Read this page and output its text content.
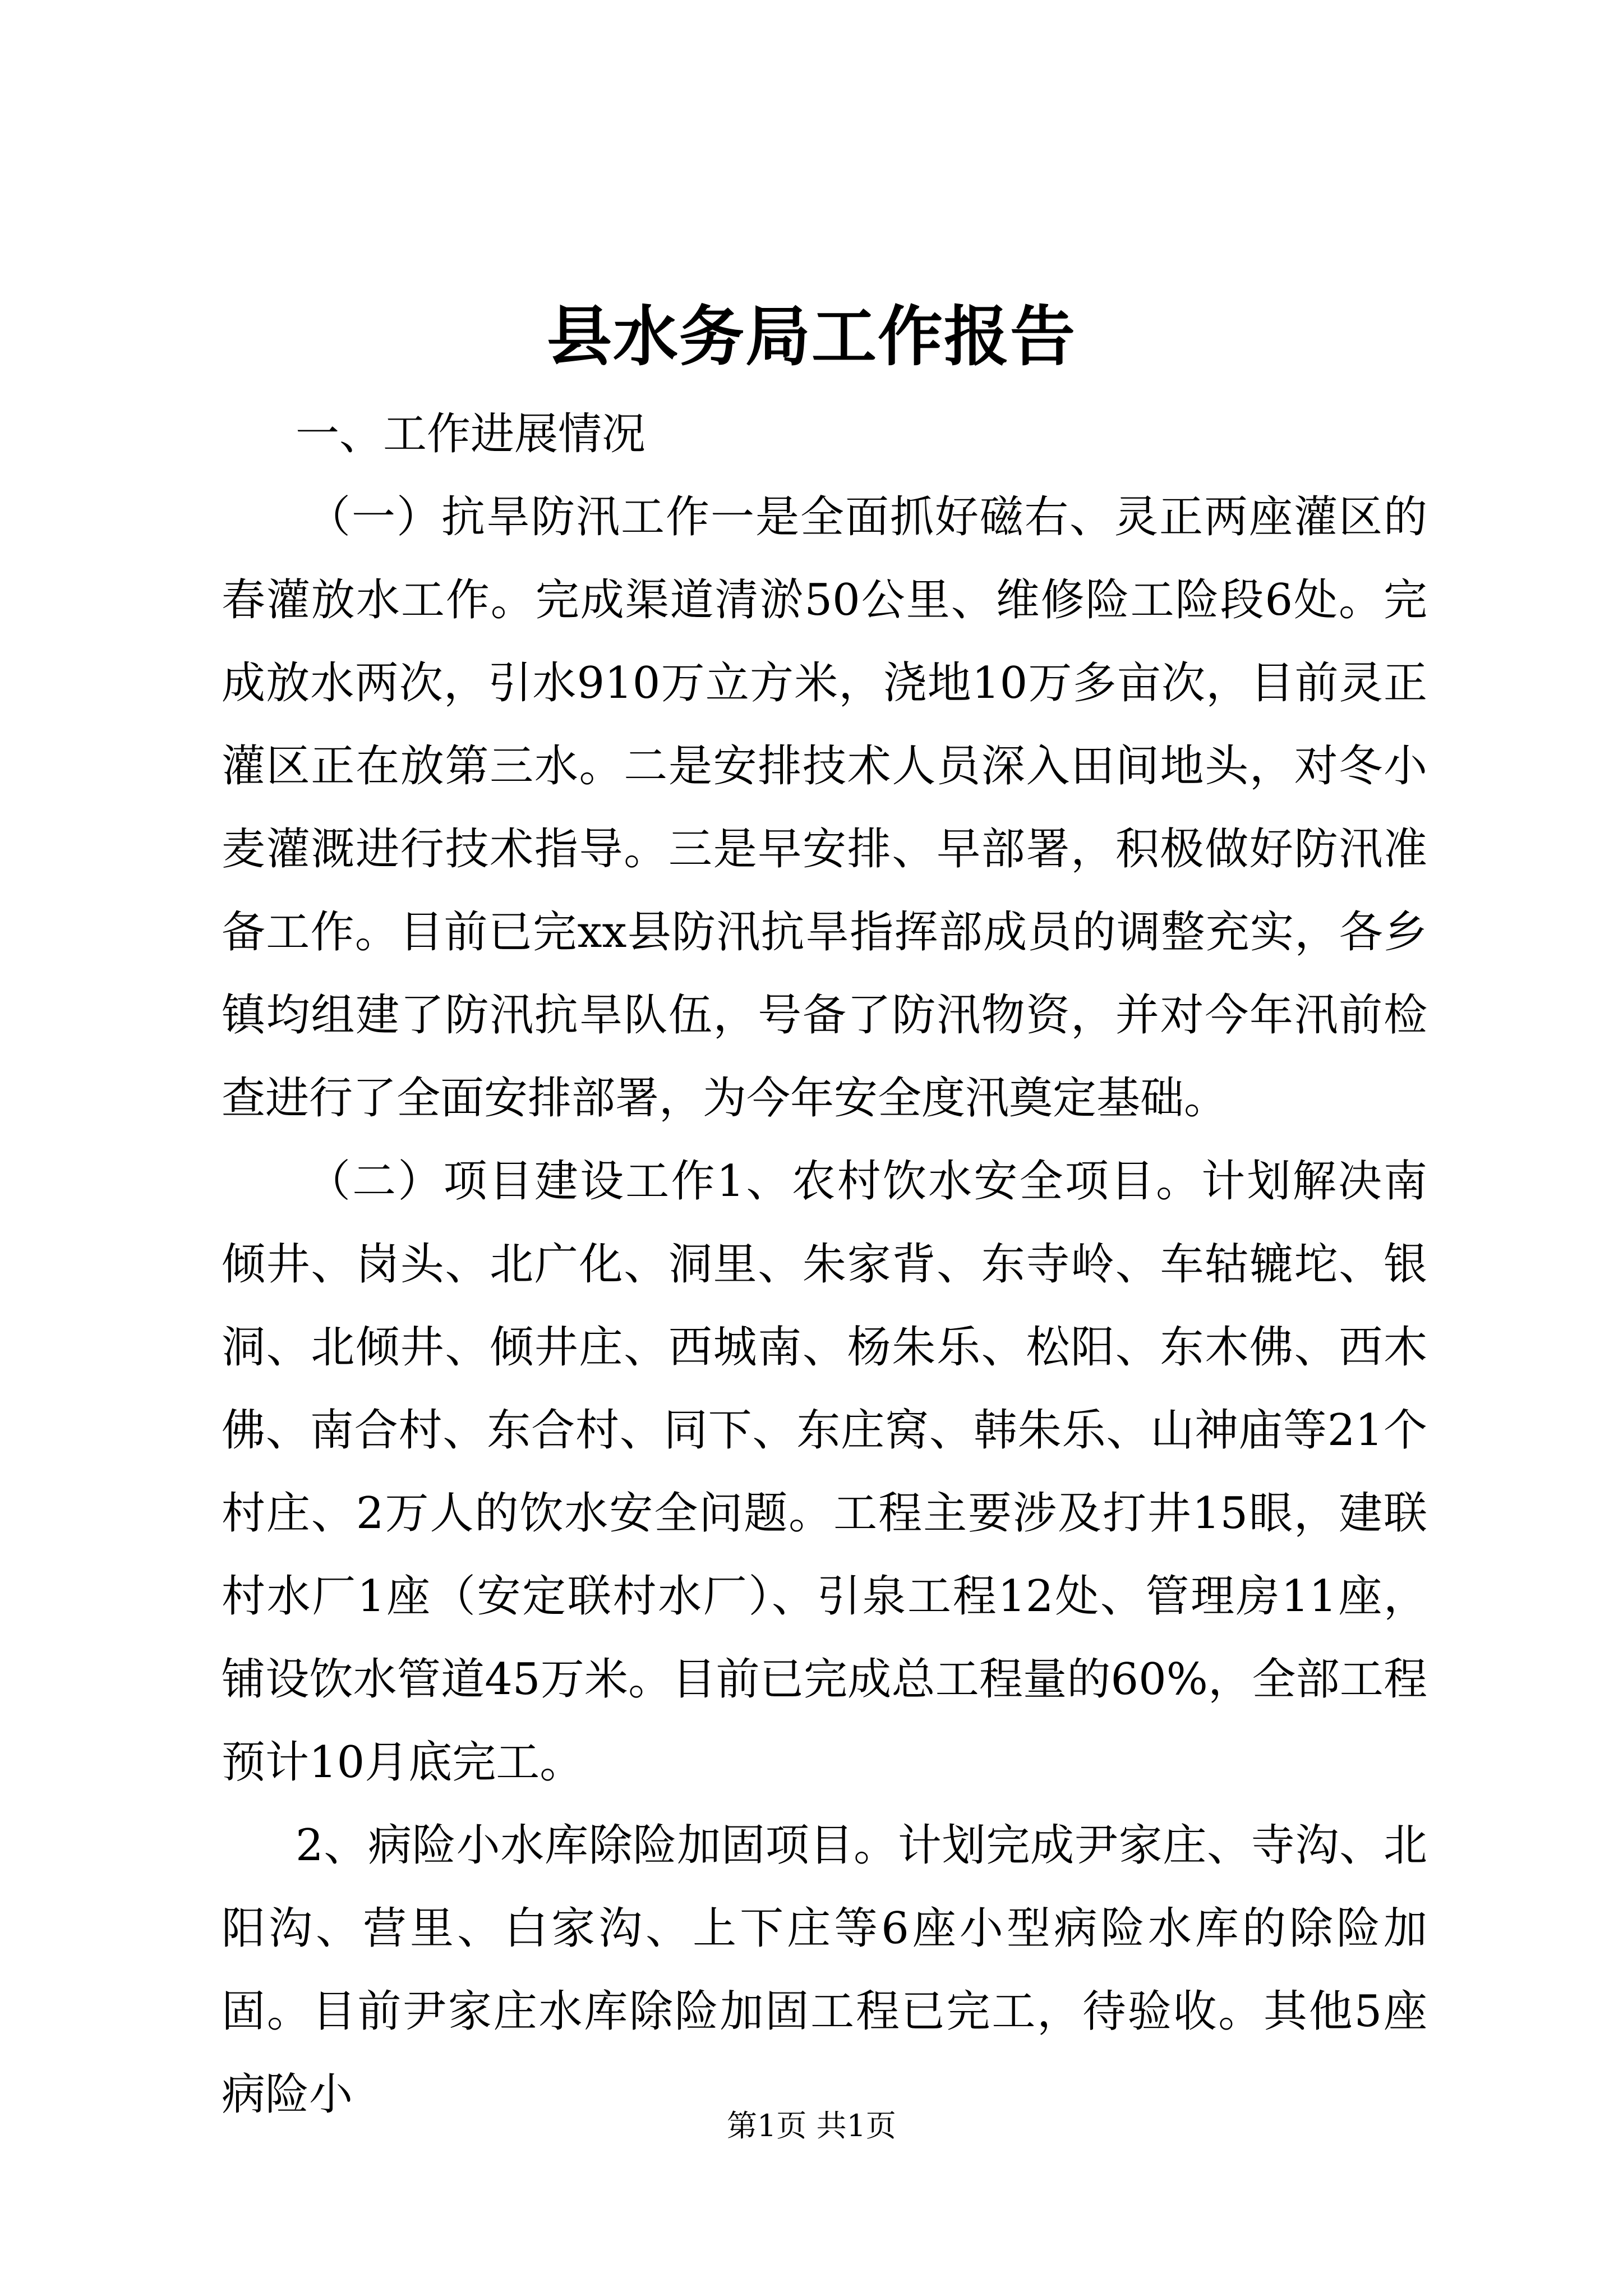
县水务局工作报告

一、工作进展情况

（一）抗旱防汛工作一是全面抓好磁右、灵正两座灌区的春灌放水工作。完成渠道清淤50公里、维修险工险段6处。完成放水两次，引水910万立方米，浇地10万多亩次，目前灵正灌区正在放第三水。二是安排技术人员深入田间地头，对冬小麦灌溉进行技术指导。三是早安排、早部署，积极做好防汛准备工作。目前已完xx县防汛抗旱指挥部成员的调整充实，各乡镇均组建了防汛抗旱队伍，号备了防汛物资，并对今年汛前检查进行了全面安排部署，为今年安全度汛奠定基础。

（二）项目建设工作1、农村饮水安全项目。计划解决南倾井、岗头、北广化、洞里、朱家背、东寺岭、车轱辘坨、银洞、北倾井、倾井庄、西城南、杨朱乐、松阳、东木佛、西木佛、南合村、东合村、同下、东庄窝、韩朱乐、山神庙等21个村庄、2万人的饮水安全问题。工程主要涉及打井15眼，建联村水厂1座（安定联村水厂）、引泉工程12处、管理房11座，铺设饮水管道45万米。目前已完成总工程量的60%，全部工程预计10月底完工。

2、病险小水库除险加固项目。计划完成尹家庄、寺沟、北阳沟、营里、白家沟、上下庄等6座小型病险水库的除险加固。目前尹家庄水库除险加固工程已完工，待验收。其他5座病险小

第1页 共1页
